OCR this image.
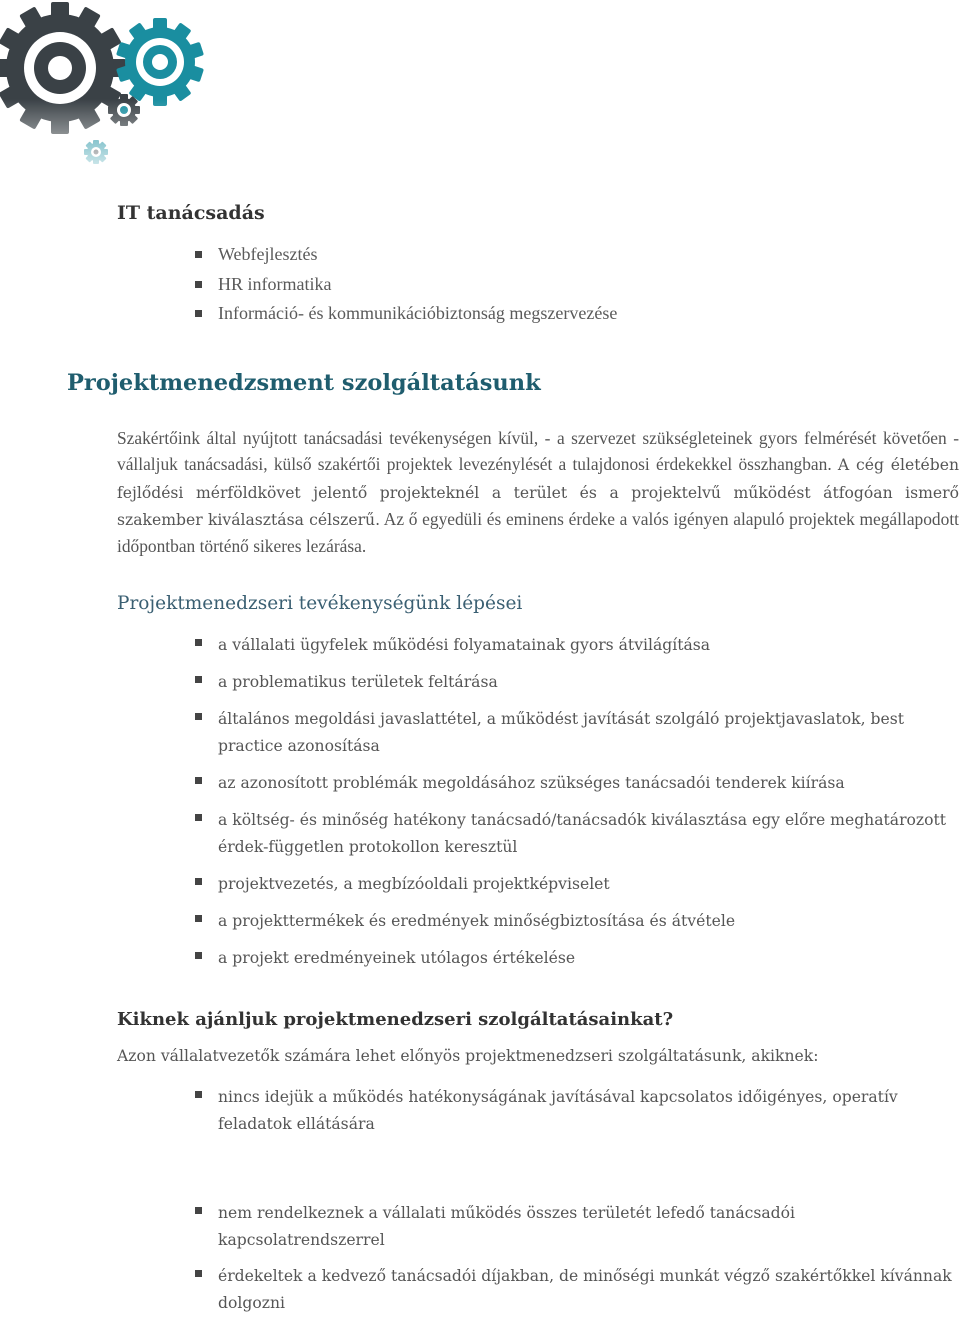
IT tanácsadás
Webfejlesztés
HR informatika
Információ- és kommunikációbiztonság megszervezése
Projektmenedzsment szolgáltatásunk

Szakértőink által nyújtott tanácsadási tevékenységen kívül, - a szervezet szükségleteinek gyors felmérését követően - vállaljuk tanácsadási, külső szakértői projektek levezénylését a tulajdonosi érdekekkel összhangban. A cég életében fejlődési mérföldkövet jelentő projekteknél a terület és a projektelvű működést átfogóan ismerő szakember kiválasztása célszerű. Az ő egyedüli és eminens érdeke a valós igényen alapuló projektek megállapodott időpontban történő sikeres lezárása.

Projektmenedzseri tevékenységünk lépései
a vállalati ügyfelek működési folyamatainak gyors átvilágítása
a problematikus területek feltárása
általános megoldási javaslattétel, a működést javítását szolgáló projektjavaslatok, best practice azonosítása
az azonosított problémák megoldásához szükséges tanácsadói tenderek kiírása
a költség- és minőség hatékony tanácsadó/tanácsadók kiválasztása egy előre meghatározott érdek-független protokollon keresztül
projektvezetés, a megbízóoldali projektképviselet
a projekttermékek és eredmények minőségbiztosítása és átvétele
a projekt eredményeinek utólagos értékelése
Kiknek ajánljuk projektmenedzseri szolgáltatásainkat?

Azon vállalatvezetők számára lehet előnyös projektmenedzseri szolgáltatásunk, akiknek:

nincs idejük a működés hatékonyságának javításával kapcsolatos időigényes, operatív feladatok ellátására
nem rendelkeznek a vállalati működés összes területét lefedő tanácsadói kapcsolatrendszerrel
érdekeltek a kedvező tanácsadói díjakban, de minőségi munkát végző szakértőkkel kívánnak dolgozni
